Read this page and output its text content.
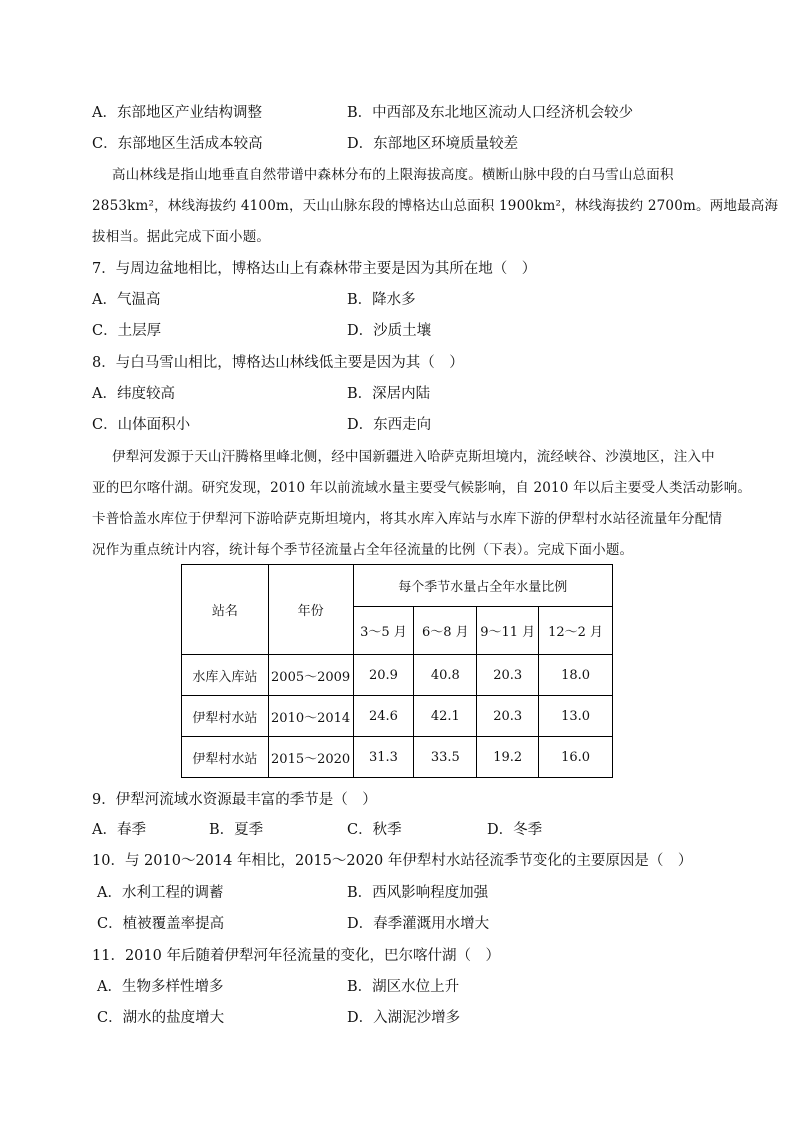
A．东部地区产业结构调整	B．中西部及东北地区流动人口经济机会较少
C．东部地区生活成本较高	D．东部地区环境质量较差
高山林线是指山地垂直自然带谱中森林分布的上限海拔高度。横断山脉中段的白马雪山总面积
2853km²，林线海拔约 4100m，天山山脉东段的博格达山总面积 1900km²，林线海拔约 2700m。两地最高海
拔相当。据此完成下面小题。
7．与周边盆地相比，博格达山上有森林带主要是因为其所在地（　）
A．气温高	B．降水多
C．土层厚	D．沙质土壤
8．与白马雪山相比，博格达山林线低主要是因为其（　）
A．纬度较高	B．深居内陆
C．山体面积小	D．东西走向
伊犁河发源于天山汗腾格里峰北侧，经中国新疆进入哈萨克斯坦境内，流经峡谷、沙漠地区，注入中
亚的巴尔喀什湖。研究发现，2010 年以前流域水量主要受气候影响，自 2010 年以后主要受人类活动影响。
卡普恰盖水库位于伊犁河下游哈萨克斯坦境内，将其水库入库站与水库下游的伊犁村水站径流量年分配情
况作为重点统计内容，统计每个季节径流量占全年径流量的比例（下表）。完成下面小题。
站名	年份	每个季节水量占全年水量比例			
		3～5 月	6～8 月	9～11 月	12～2 月
水库入库站	2005～2009	20.9	40.8	20.3	18.0
伊犁村水站	2010～2014	24.6	42.1	20.3	13.0
伊犁村水站	2015～2020	31.3	33.5	19.2	16.0
9．伊犁河流域水资源最丰富的季节是（　）
A．春季	B．夏季	C．秋季	D．冬季
10．与 2010～2014 年相比，2015～2020 年伊犁村水站径流季节变化的主要原因是（　）
A．水利工程的调蓄	B．西风影响程度加强
C．植被覆盖率提高	D．春季灌溉用水增大
11．2010 年后随着伊犁河年径流量的变化，巴尔喀什湖（　）
A．生物多样性增多	B．湖区水位上升
C．湖水的盐度增大	D．入湖泥沙增多
